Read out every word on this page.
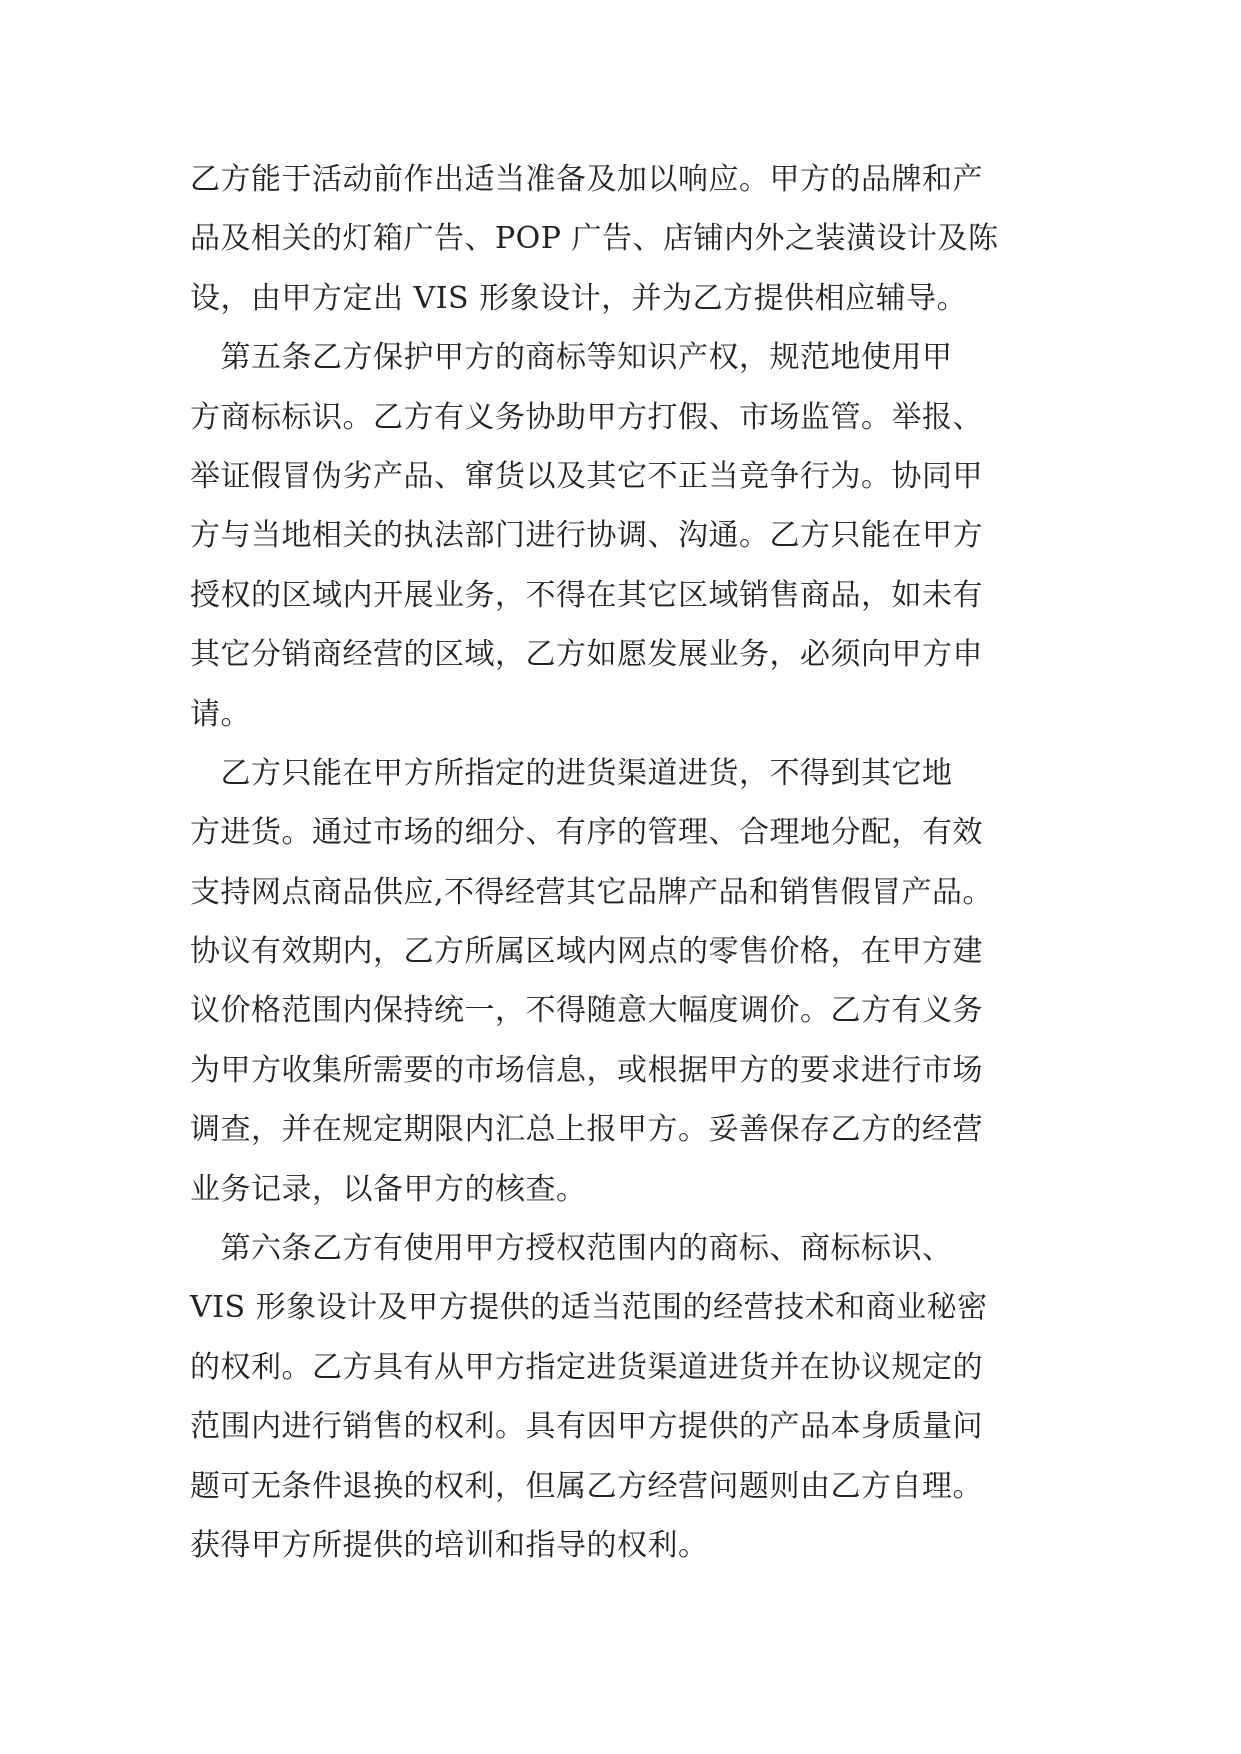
乙方能于活动前作出适当准备及加以响应。甲方的品牌和产
品及相关的灯箱广告、POP 广告、店铺内外之装潢设计及陈
设，由甲方定出 VIS 形象设计，并为乙方提供相应辅导。
　第五条乙方保护甲方的商标等知识产权，规范地使用甲
方商标标识。乙方有义务协助甲方打假、市场监管。举报、
举证假冒伪劣产品、窜货以及其它不正当竞争行为。协同甲
方与当地相关的执法部门进行协调、沟通。乙方只能在甲方
授权的区域内开展业务，不得在其它区域销售商品，如未有
其它分销商经营的区域，乙方如愿发展业务，必须向甲方申
请。
　乙方只能在甲方所指定的进货渠道进货，不得到其它地
方进货。通过市场的细分、有序的管理、合理地分配，有效
支持网点商品供应,不得经营其它品牌产品和销售假冒产品。
协议有效期内，乙方所属区域内网点的零售价格，在甲方建
议价格范围内保持统一，不得随意大幅度调价。乙方有义务
为甲方收集所需要的市场信息，或根据甲方的要求进行市场
调查，并在规定期限内汇总上报甲方。妥善保存乙方的经营
业务记录，以备甲方的核查。
　第六条乙方有使用甲方授权范围内的商标、商标标识、
VIS 形象设计及甲方提供的适当范围的经营技术和商业秘密
的权利。乙方具有从甲方指定进货渠道进货并在协议规定的
范围内进行销售的权利。具有因甲方提供的产品本身质量问
题可无条件退换的权利，但属乙方经营问题则由乙方自理。
获得甲方所提供的培训和指导的权利。
